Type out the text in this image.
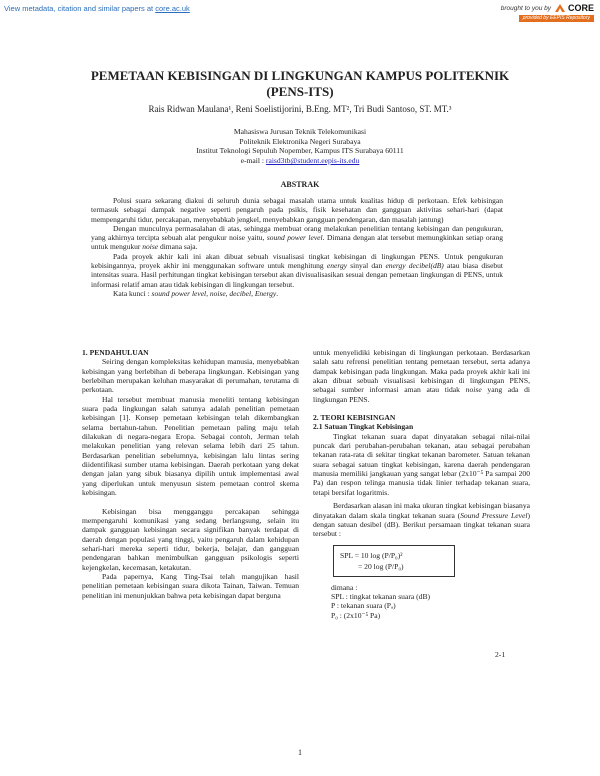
View metadata, citation and similar papers at core.ac.uk	brought to you by CORE
provided by EEPIS Repository
PEMETAAN KEBISINGAN DI LINGKUNGAN KAMPUS POLITEKNIK
(PENS-ITS)
Rais Ridwan Maulana¹, Reni Soelistijorini, B.Eng. MT², Tri Budi Santoso, ST. MT.³
Mahasiswa Jurusan Teknik Telekomunikasi
Politeknik Elektronika Negeri Surabaya
Institut Teknologi Sepuluh Nopember, Kampus ITS Surabaya 60111
e-mail : raisd3tb@student.eepis-its.edu
ABSTRAK

Polusi suara sekarang diakui di seluruh dunia sebagai masalah utama untuk kualitas hidup di perkotaan. Efek kebisingan termasuk sebagai dampak negative seperti pengaruh pada psikis, fisik kesehatan dan gangguan aktivitas sehari-hari (dapat mempengaruhi tidur, percakapan, menyebabkab jengkel, menyebabkan gangguan pendengaran, dan masalah jantung)

Dengan munculnya permasalahan di atas, sehingga membuat orang melakukan penelitian tentang kebisingan dan pengukuran, yang akhirnya tercipta sebuah alat pengukur noise yaitu, sound power level. Dimana dengan alat tersebut memungkinkan setiap orang untuk mengukur noise dimana saja.

Pada proyek akhir kali ini akan dibuat sebuah visualisasi tingkat kebisingan di lingkungan PENS. Untuk pengukuran kebisingannya, proyek akhir ini menggunakan software untuk menghitung energy sinyal dan energy decibel(dB) atau biasa disebut intensitas suara. Hasil perhitungan tingkat kebisingan tersebut akan divisualisasikan sesuai dengan pemetaan lingkungan di PENS, untuk informasi relatif aman atau tidak kebisingan di lingkungan tersebut.

Kata kunci : sound power level, noise, decibel, Energy.

1. PENDAHULUAN

Seiring dengan kompleksitas kehidupan manusia, menyebabkan kebisingan yang berlebihan di beberapa lingkungan. Kebisingan yang berlebihan merupakan keluhan masyarakat di perumahan, terutama di perkotaan.

Hal tersebut membuat manusia meneliti tentang kebisingan suara pada lingkungan salah satunya adalah penelitian pemetaan kebisingan [1]. Konsep pemetaan kebisingan telah dikembangkan selama bertahun-tahun. Penelitian pemetaan paling maju telah dilakukan di negara-negara Eropa. Sebagai contoh, Jerman telah melakukan penelitian yang relevan selama lebih dari 25 tahun. Berdasarkan penelitian sebelumnya, kebisingan lalu lintas sering diidentifikasi sumber utama kebisingan. Daerah perkotaan yang dekat dengan jalan yang sibuk biasanya dipilih untuk implementasi awal yang diperlukan untuk menyusun sistem pemetaan control skema kebisingan.

Kebisingan bisa mengganggu percakapan sehingga mempengaruhi komunikasi yang sedang berlangsung, selain itu dampak gangguan kebisingan secara signifikan banyak terdapat di daerah dengan populasi yang tinggi, yaitu pengaruh dalam kehidupan sehari-hari mereka seperti tidur, bekerja, belajar, dan gangguan pendengaran bahkan menimbulkan gangguan psikologis seperti kejengkelan, kecemasan, ketakutan.

Pada papernya, Kang Ting-Tsai telah mangujikan hasil penelitian pemetaan kebisingan suara dikota Tainan, Taiwan. Temuan penelitian ini menunjukkan bahwa peta kebisingan dapat berguna

untuk menyelidiki kebisingan di lingkungan perkotaan. Berdasarkan salah satu refrensi penelitian tentang pemetaan tersebut, serta adanya dampak kebisingan pada lingkungan. Maka pada proyek akhir kali ini akan dibuat sebuah visualisasi kebisingan di lingkungan PENS, sebagai sumber informasi aman atau tidak noise yang ada di lingkungan PENS.

2. TEORI KEBISINGAN

2.1 Satuan Tingkat Kebisingan

Tingkat tekanan suara dapat dinyatakan sebagai nilai-nilai puncak dari perubahan-perubahan tekanan, atau sebagai perubahan tekanan rata-rata di sekitar tingkat tekanan barometer. Satuan tekanan suara sebagai satuan tingkat kebisingan, karena daerah pendengaran manusia memiliki jangkauan yang sangat lebar (2x10⁻⁵ Pa sampai 200 Pa) dan respon telinga manusia tidak linier terhadap tekanan suara, tetapi bersifat logaritmis.

Berdasarkan alasan ini maka ukuran tingkat kebisingan biasanya dinyatakan dalam skala tingkat tekanan suara (Sound Pressure Level) dengan satuan desibel (dB). Berikut persamaan tingkat tekanan suara tersebut :

SPL = 10 log (P/P₀)²
= 20 log (P/P₀)
dimana :
SPL : tingkat tekanan suara (dB)
P : tekanan suara (Pₐ)
P₀ : (2x10⁻⁵ Pa)
2-1
1
